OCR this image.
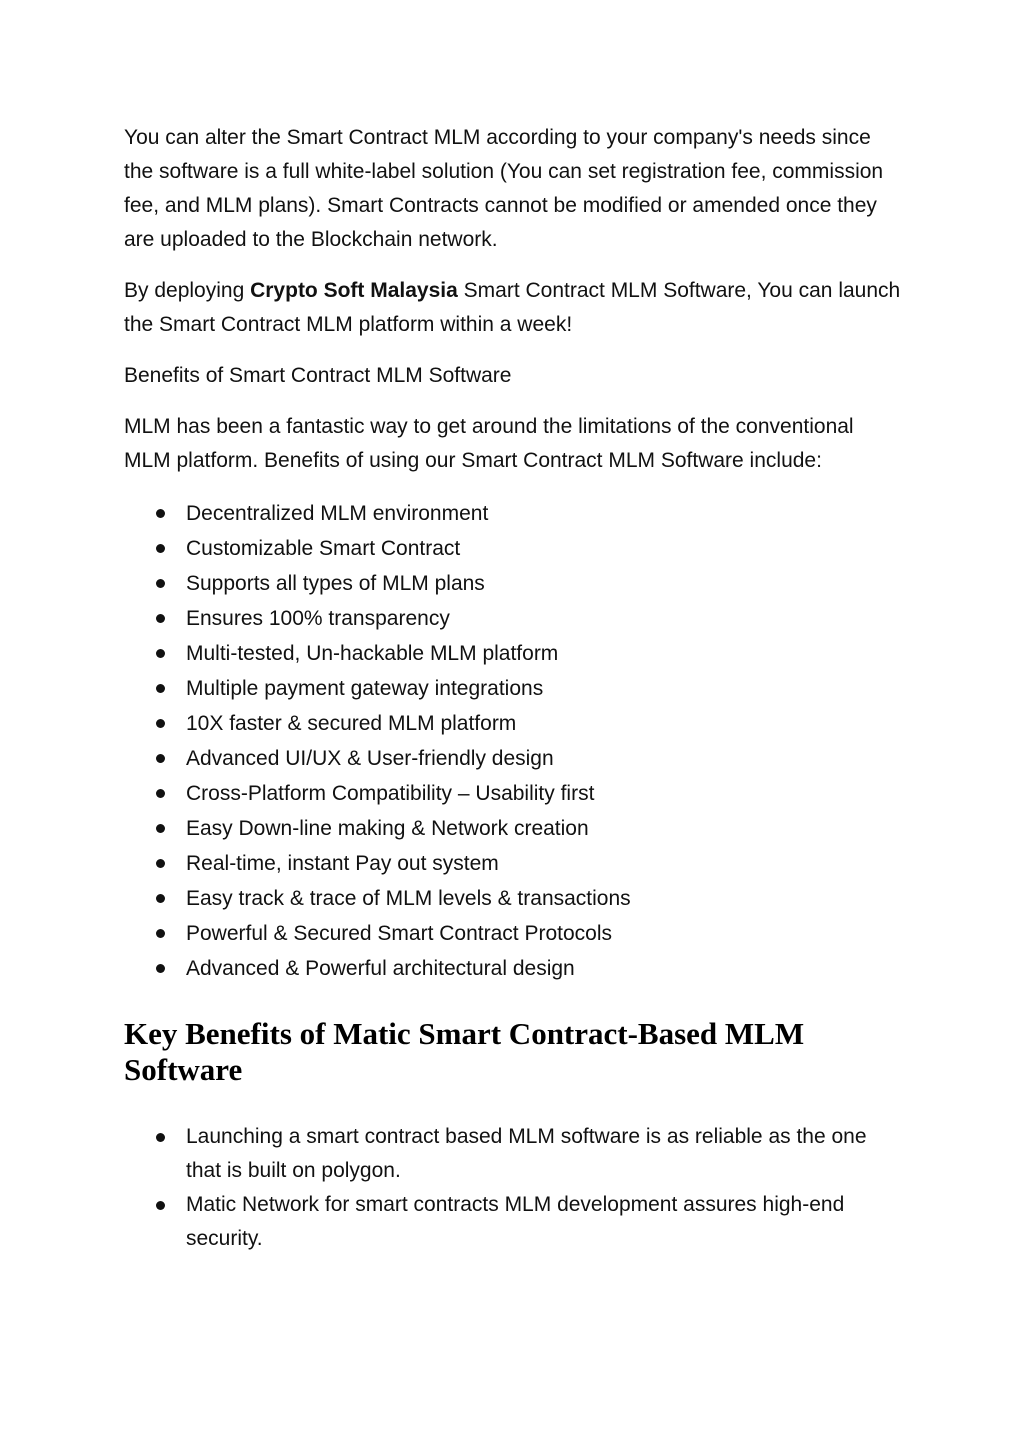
You can alter the Smart Contract MLM according to your company's needs since the software is a full white-label solution (You can set registration fee, commission fee, and MLM plans). Smart Contracts cannot be modified or amended once they are uploaded to the Blockchain network.

By deploying Crypto Soft Malaysia Smart Contract MLM Software, You can launch the Smart Contract MLM platform within a week!

Benefits of Smart Contract MLM Software

MLM has been a fantastic way to get around the limitations of the conventional MLM platform. Benefits of using our Smart Contract MLM Software include:

Decentralized MLM environment
Customizable Smart Contract
Supports all types of MLM plans
Ensures 100% transparency
Multi-tested, Un-hackable MLM platform
Multiple payment gateway integrations
10X faster & secured MLM platform
Advanced UI/UX & User-friendly design
Cross-Platform Compatibility – Usability first
Easy Down-line making & Network creation
Real-time, instant Pay out system
Easy track & trace of MLM levels & transactions
Powerful & Secured Smart Contract Protocols
Advanced & Powerful architectural design
Key Benefits of Matic Smart Contract-Based MLM Software
Launching a smart contract based MLM software is as reliable as the one that is built on polygon.
Matic Network for smart contracts MLM development assures high-end security.
